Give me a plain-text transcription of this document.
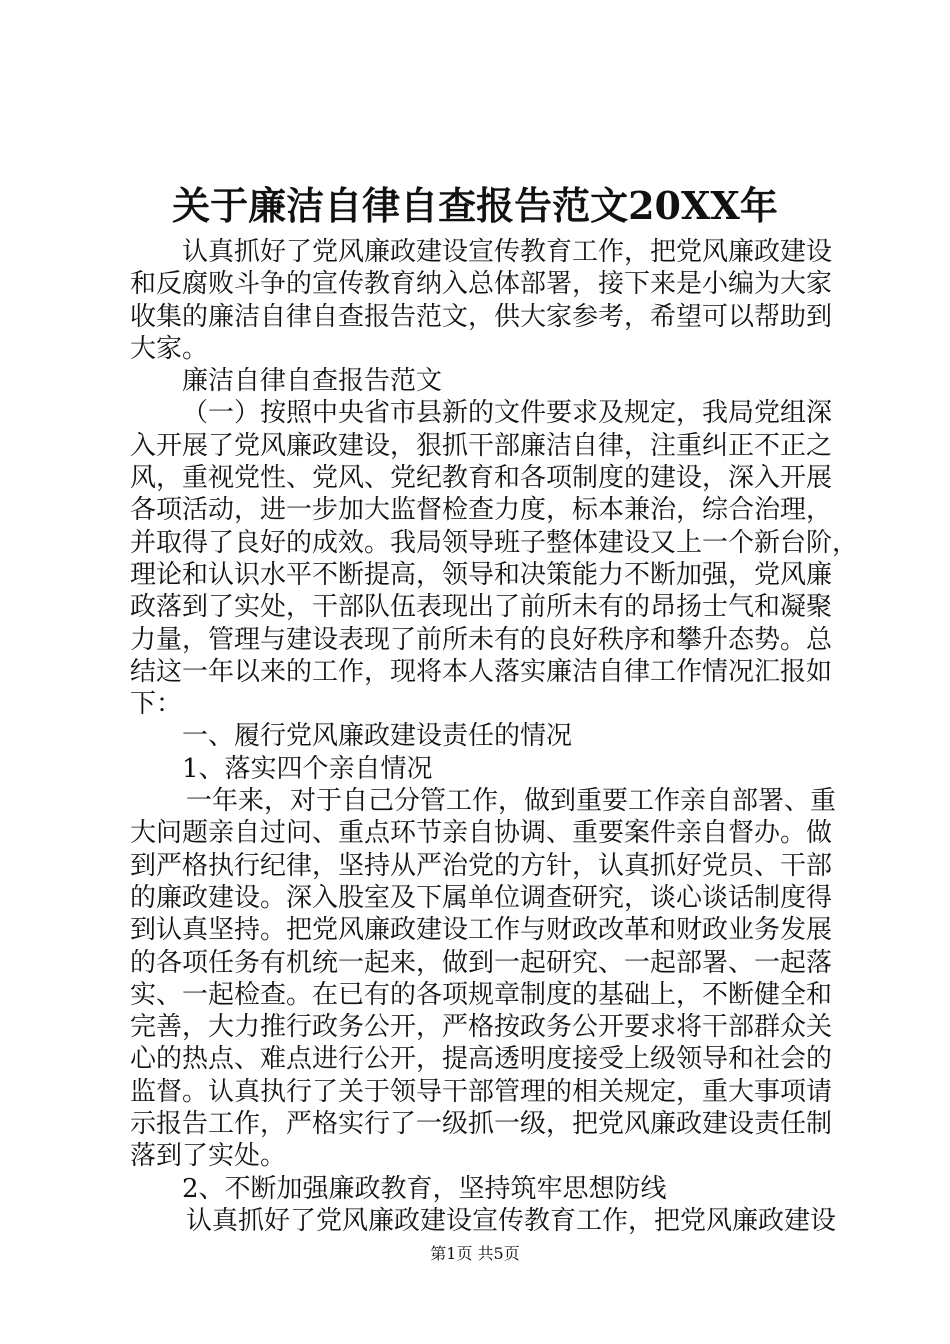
关于廉洁自律自查报告范文20XX年
认真抓好了党风廉政建设宣传教育工作，把党风廉政建设
和反腐败斗争的宣传教育纳入总体部署，接下来是小编为大家
收集的廉洁自律自查报告范文，供大家参考，希望可以帮助到
大家。
廉洁自律自查报告范文
（一）按照中央省市县新的文件要求及规定，我局党组深
入开展了党风廉政建设，狠抓干部廉洁自律，注重纠正不正之
风，重视党性、党风、党纪教育和各项制度的建设，深入开展
各项活动，进一步加大监督检查力度，标本兼治，综合治理，
并取得了良好的成效。我局领导班子整体建设又上一个新台阶，
理论和认识水平不断提高，领导和决策能力不断加强，党风廉
政落到了实处，干部队伍表现出了前所未有的昂扬士气和凝聚
力量，管理与建设表现了前所未有的良好秩序和攀升态势。总
结这一年以来的工作，现将本人落实廉洁自律工作情况汇报如
下：
一、履行党风廉政建设责任的情况
1、落实四个亲自情况
一年来，对于自己分管工作，做到重要工作亲自部署、重
大问题亲自过问、重点环节亲自协调、重要案件亲自督办。做
到严格执行纪律，坚持从严治党的方针，认真抓好党员、干部
的廉政建设。深入股室及下属单位调查研究，谈心谈话制度得
到认真坚持。把党风廉政建设工作与财政改革和财政业务发展
的各项任务有机统一起来，做到一起研究、一起部署、一起落
实、一起检查。在已有的各项规章制度的基础上，不断健全和
完善，大力推行政务公开，严格按政务公开要求将干部群众关
心的热点、难点进行公开，提高透明度接受上级领导和社会的
监督。认真执行了关于领导干部管理的相关规定，重大事项请
示报告工作，严格实行了一级抓一级，把党风廉政建设责任制
落到了实处。
2、不断加强廉政教育，坚持筑牢思想防线
认真抓好了党风廉政建设宣传教育工作，把党风廉政建设
第1页 共5页
